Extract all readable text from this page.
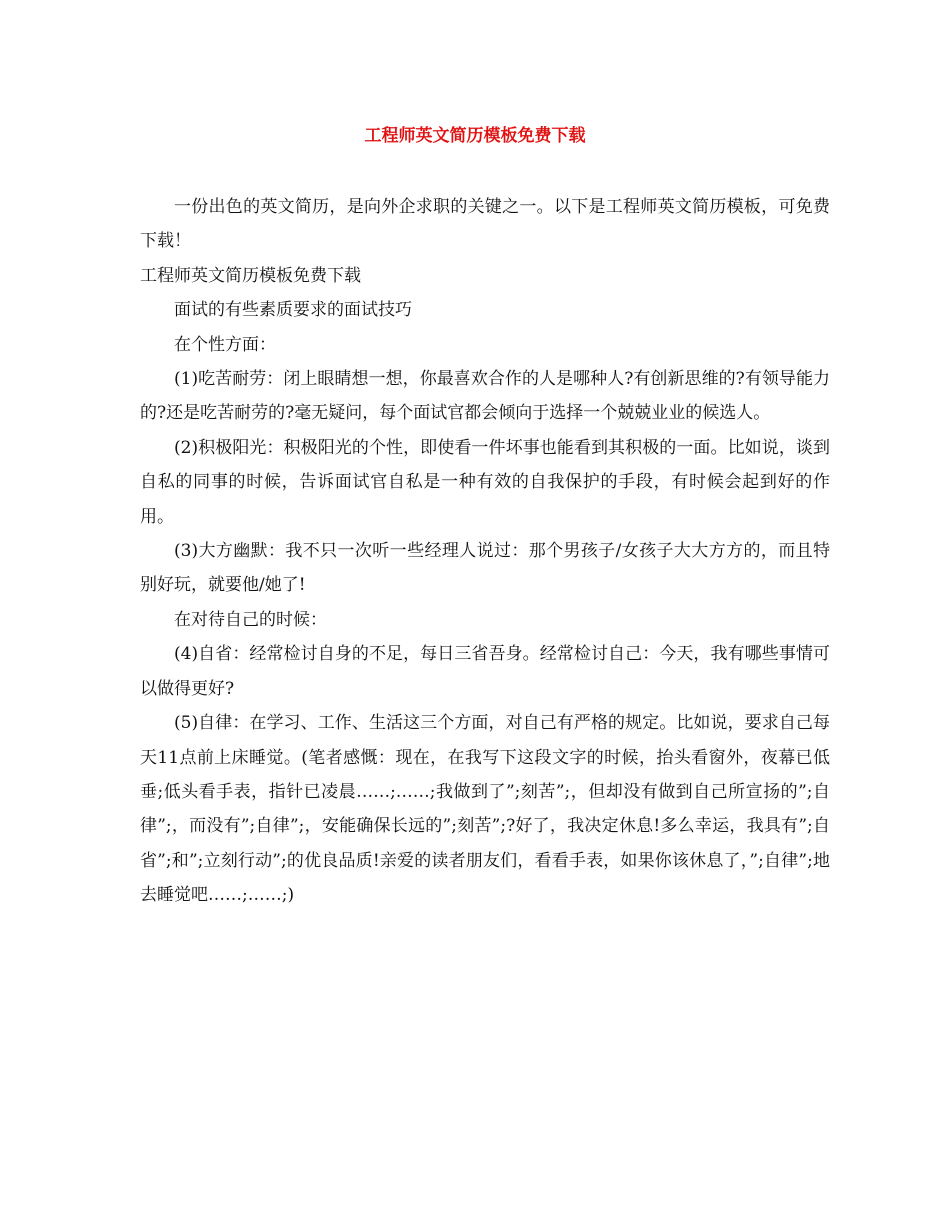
工程师英文简历模板免费下载

一份出色的英文简历，是向外企求职的关键之一。以下是工程师英文简历模板，可免费下载！

工程师英文简历模板免费下载

面试的有些素质要求的面试技巧

在个性方面：

(1)吃苦耐劳：闭上眼睛想一想，你最喜欢合作的人是哪种人?有创新思维的?有领导能力的?还是吃苦耐劳的?毫无疑问，每个面试官都会倾向于选择一个兢兢业业的候选人。

(2)积极阳光：积极阳光的个性，即使看一件坏事也能看到其积极的一面。比如说，谈到自私的同事的时候，告诉面试官自私是一种有效的自我保护的手段，有时候会起到好的作用。

(3)大方幽默：我不只一次听一些经理人说过：那个男孩子/女孩子大大方方的，而且特别好玩，就要他/她了!

在对待自己的时候：

(4)自省：经常检讨自身的不足，每日三省吾身。经常检讨自己：今天，我有哪些事情可以做得更好?

(5)自律：在学习、工作、生活这三个方面，对自己有严格的规定。比如说，要求自己每天11点前上床睡觉。(笔者感慨：现在，在我写下这段文字的时候，抬头看窗外，夜幕已低垂;低头看手表，指针已凌晨……;……;我做到了”;刻苦”;，但却没有做到自己所宣扬的”;自律”;，而没有”;自律”;，安能确保长远的”;刻苦”;?好了，我决定休息!多么幸运，我具有”;自省”;和”;立刻行动”;的优良品质!亲爱的读者朋友们，看看手表，如果你该休息了，”;自律”;地去睡觉吧……;……;)
